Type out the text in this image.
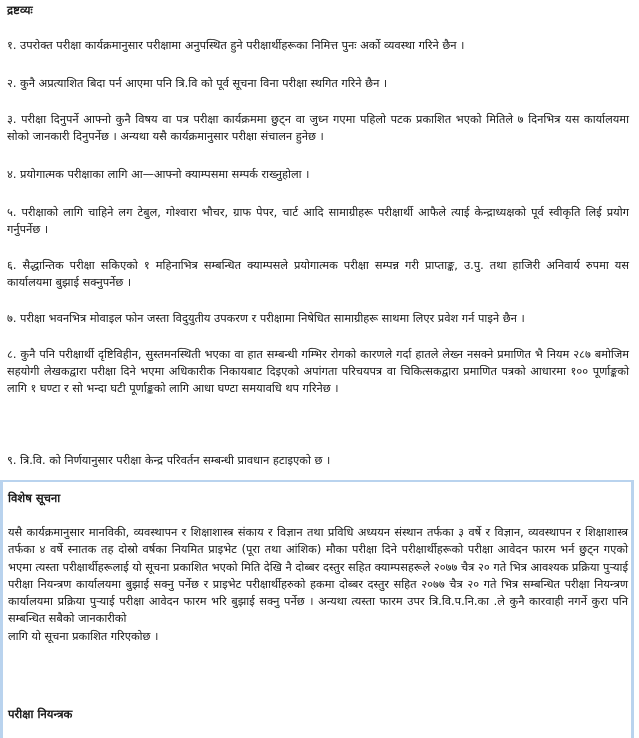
द्रष्टव्यः

१. उपरोक्त परीक्षा कार्यक्रमानुसार परीक्षामा अनुपस्थित हुने परीक्षार्थीहरूका निमित्त पुनः अर्को व्यवस्था गरिने छैन ।

२. कुनै अप्रत्याशित बिदा पर्न आएमा पनि त्रि.वि को पूर्व सूचना विना परीक्षा स्थगित गरिने छैन ।

३. परीक्षा दिनुपर्ने आफ्नो कुनै विषय वा पत्र परीक्षा कार्यक्रममा छुट्न वा जुध्न गएमा पहिलो पटक प्रकाशित भएको मितिले ७ दिनभित्र यस कार्यालयमा सोको जानकारी दिनुपर्नेछ । अन्यथा यसै कार्यक्रमानुसार परीक्षा संचालन हुनेछ ।

४. प्रयोगात्मक परीक्षाका लागि आ—आफ्नो क्याम्पसमा सम्पर्क राख्नुहोला ।

५. परीक्षाको लागि चाहिने लग टेबुल, गोश्वारा भौचर, ग्राफ पेपर, चार्ट आदि सामाग्रीहरू परीक्षार्थी आफैले त्याई केन्द्राध्यक्षको पूर्व स्वीकृति लिई प्रयोग गर्नुपर्नेछ ।

६. सैद्धान्तिक परीक्षा सकिएको १ महिनाभित्र सम्बन्धित क्याम्पसले प्रयोगात्मक परीक्षा सम्पन्न गरी प्राप्ताङ्क, उ.पु. तथा हाजिरी अनिवार्य रुपमा यस कार्यालयमा बुझाई सक्नुपर्नेछ ।

७. परीक्षा भवनभित्र मोवाइल फोन जस्ता विदुयुतीय उपकरण र परीक्षामा निषेधित सामाग्रीहरू साथमा लिएर प्रवेश गर्न पाइने छैन ।

८. कुनै पनि परीक्षार्थी दृष्टिविहीन, सुस्तमनस्थिती भएका वा हात सम्बन्धी गम्भिर रोगको कारणले गर्दा हातले लेख्न नसक्ने प्रमाणित भै नियम २८७ बमोजिम सहयोगी लेखकद्वारा परीक्षा दिने भएमा अधिकारीक निकायबाट दिइएको अपांगता परिचयपत्र वा चिकित्सकद्वारा प्रमाणित पत्रको आधारमा १०० पूर्णाङ्कको लागि १ घण्टा र सो भन्दा घटी पूर्णाङ्कको लागि आधा घण्टा समयावधि थप गरिनेछ ।

९. त्रि.वि. को निर्णयानुसार परीक्षा केन्द्र परिवर्तन सम्बन्धी प्रावधान हटाइएको छ ।

विशेष सूचना

यसै कार्यक्रमानुसार मानविकी, व्यवस्थापन र शिक्षाशास्त्र संकाय र विज्ञान तथा प्रविधि अध्ययन संस्थान तर्फका ३ वर्षे र विज्ञान, व्यवस्थापन र शिक्षाशास्त्र तर्फका ४ वर्षे स्नातक तह दोस्रो वर्षका नियमित प्राइभेट (पूरा तथा आंशिक) मौका परीक्षा दिने परीक्षार्थीहरूको परीक्षा आवेदन फारम भर्न छुट्न गएको भएमा त्यस्ता परीक्षार्थीहरूलाई यो सूचना प्रकाशित भएको मिति देखि नै दोब्बर दस्तुर सहित क्याम्पसहरूले २०७७ चैत्र २० गते भित्र आवश्यक प्रक्रिया पुऱ्याई परीक्षा नियन्त्रण कार्यालयमा बुझाई सक्नु पर्नेछ र प्राइभेट परीक्षार्थीहरुको हकमा दोब्बर दस्तुर सहित २०७७ चैत्र २० गते भित्र सम्बन्धित परीक्षा नियन्त्रण कार्यालयमा प्रक्रिया पुऱ्याई परीक्षा आवेदन फारम भरि बुझाई सक्नु पर्नेछ । अन्यथा त्यस्ता फारम उपर त्रि.वि.प.नि.का .ले कुनै कारवाही नगर्ने कुरा पनि सम्बन्धित सबैको जानकारीको
लागि यो सूचना प्रकाशित गरिएकोछ ।

परीक्षा नियन्त्रक
